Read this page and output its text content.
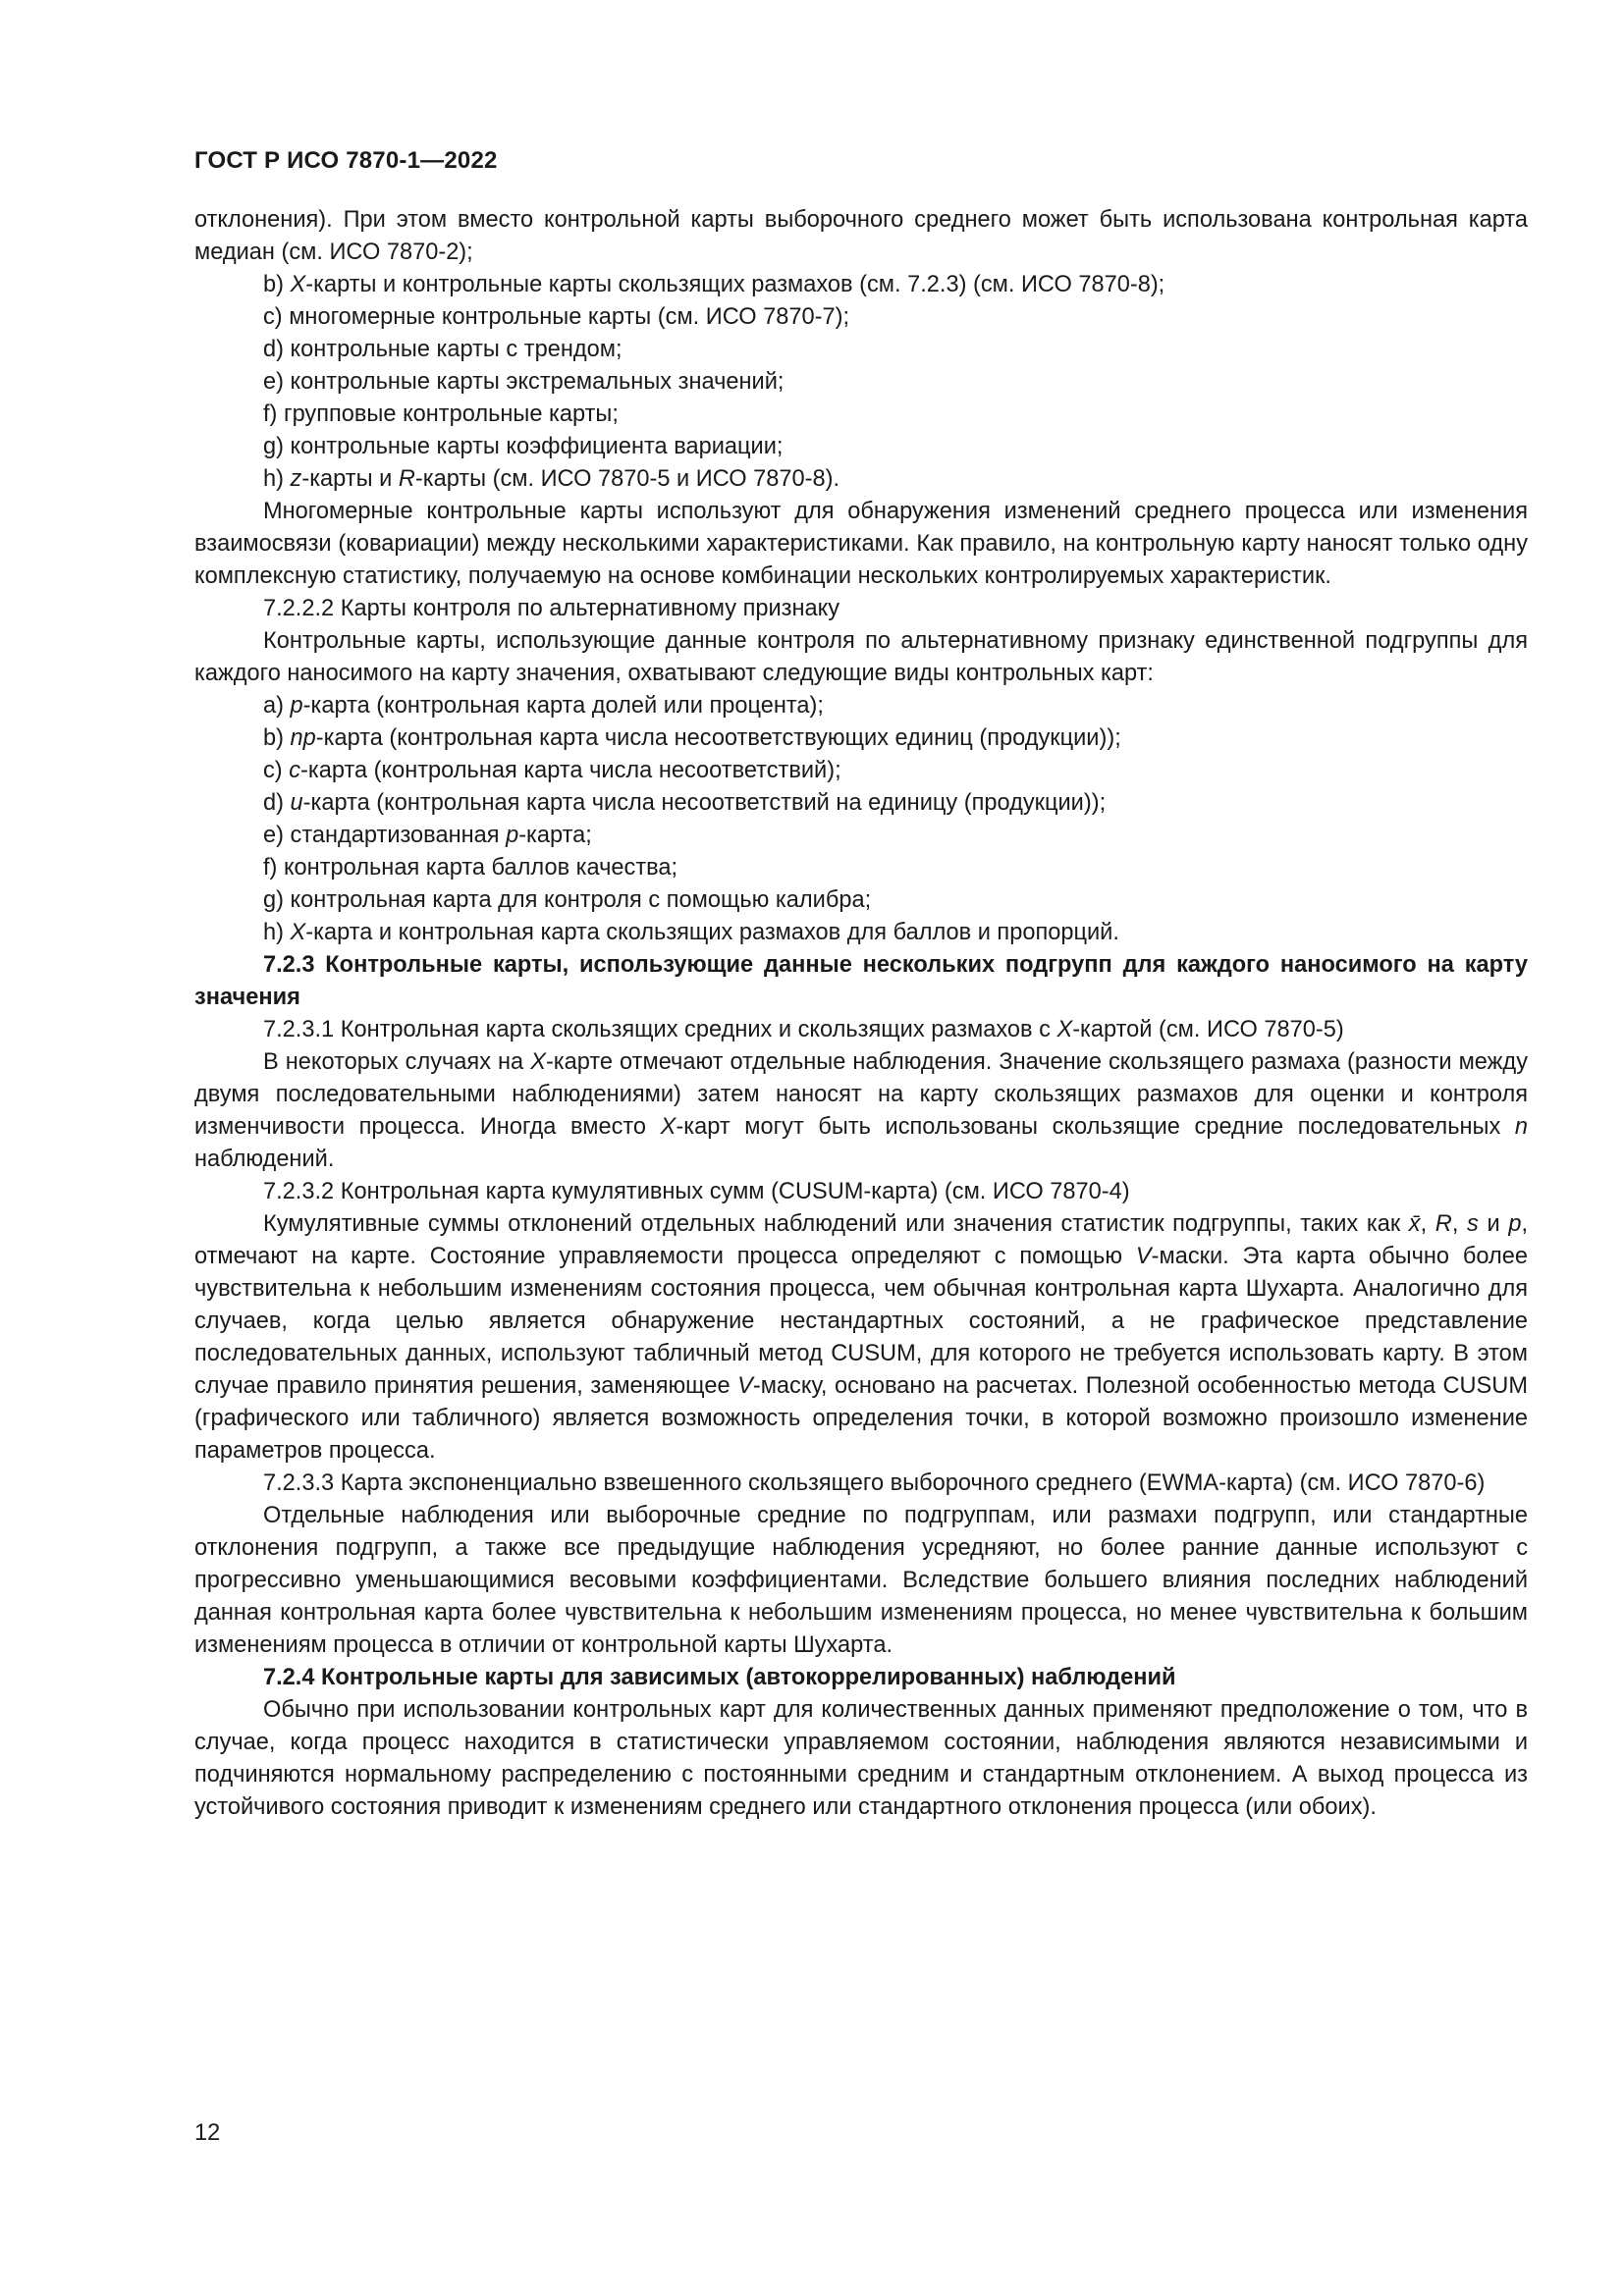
ГОСТ Р ИСО 7870-1—2022

отклонения). При этом вместо контрольной карты выборочного среднего может быть использована контрольная карта медиан (см. ИСО 7870-2);

b) X-карты и контрольные карты скользящих размахов (см. 7.2.3) (см. ИСО 7870-8);

c) многомерные контрольные карты (см. ИСО 7870-7);

d) контрольные карты с трендом;

e) контрольные карты экстремальных значений;

f) групповые контрольные карты;

g) контрольные карты коэффициента вариации;

h) z-карты и R-карты (см. ИСО 7870-5 и ИСО 7870-8).

Многомерные контрольные карты используют для обнаружения изменений среднего процесса или изменения взаимосвязи (ковариации) между несколькими характеристиками. Как правило, на контрольную карту наносят только одну комплексную статистику, получаемую на основе комбинации нескольких контролируемых характеристик.

7.2.2.2 Карты контроля по альтернативному признаку

Контрольные карты, использующие данные контроля по альтернативному признаку единственной подгруппы для каждого наносимого на карту значения, охватывают следующие виды контрольных карт:

a) p-карта (контрольная карта долей или процента);

b) np-карта (контрольная карта числа несоответствующих единиц (продукции));

c) c-карта (контрольная карта числа несоответствий);

d) u-карта (контрольная карта числа несоответствий на единицу (продукции));

e) стандартизованная p-карта;

f) контрольная карта баллов качества;

g) контрольная карта для контроля с помощью калибра;

h) X-карта и контрольная карта скользящих размахов для баллов и пропорций.

7.2.3 Контрольные карты, использующие данные нескольких подгрупп для каждого наносимого на карту значения

7.2.3.1 Контрольная карта скользящих средних и скользящих размахов с X-картой (см. ИСО 7870-5)

В некоторых случаях на X-карте отмечают отдельные наблюдения. Значение скользящего размаха (разности между двумя последовательными наблюдениями) затем наносят на карту скользящих размахов для оценки и контроля изменчивости процесса. Иногда вместо X-карт могут быть использованы скользящие средние последовательных n наблюдений.

7.2.3.2 Контрольная карта кумулятивных сумм (CUSUM-карта) (см. ИСО 7870-4)

Кумулятивные суммы отклонений отдельных наблюдений или значения статистик подгруппы, таких как x̄, R, s и p, отмечают на карте. Состояние управляемости процесса определяют с помощью V-маски. Эта карта обычно более чувствительна к небольшим изменениям состояния процесса, чем обычная контрольная карта Шухарта. Аналогично для случаев, когда целью является обнаружение нестандартных состояний, а не графическое представление последовательных данных, используют табличный метод CUSUM, для которого не требуется использовать карту. В этом случае правило принятия решения, заменяющее V-маску, основано на расчетах. Полезной особенностью метода CUSUM (графического или табличного) является возможность определения точки, в которой возможно произошло изменение параметров процесса.

7.2.3.3 Карта экспоненциально взвешенного скользящего выборочного среднего (EWMA-карта) (см. ИСО 7870-6)

Отдельные наблюдения или выборочные средние по подгруппам, или размахи подгрупп, или стандартные отклонения подгрупп, а также все предыдущие наблюдения усредняют, но более ранние данные используют с прогрессивно уменьшающимися весовыми коэффициентами. Вследствие большего влияния последних наблюдений данная контрольная карта более чувствительна к небольшим изменениям процесса, но менее чувствительна к большим изменениям процесса в отличии от контрольной карты Шухарта.

7.2.4 Контрольные карты для зависимых (автокоррелированных) наблюдений

Обычно при использовании контрольных карт для количественных данных применяют предположение о том, что в случае, когда процесс находится в статистически управляемом состоянии, наблюдения являются независимыми и подчиняются нормальному распределению с постоянными средним и стандартным отклонением. А выход процесса из устойчивого состояния приводит к изменениям среднего или стандартного отклонения процесса (или обоих).

12
